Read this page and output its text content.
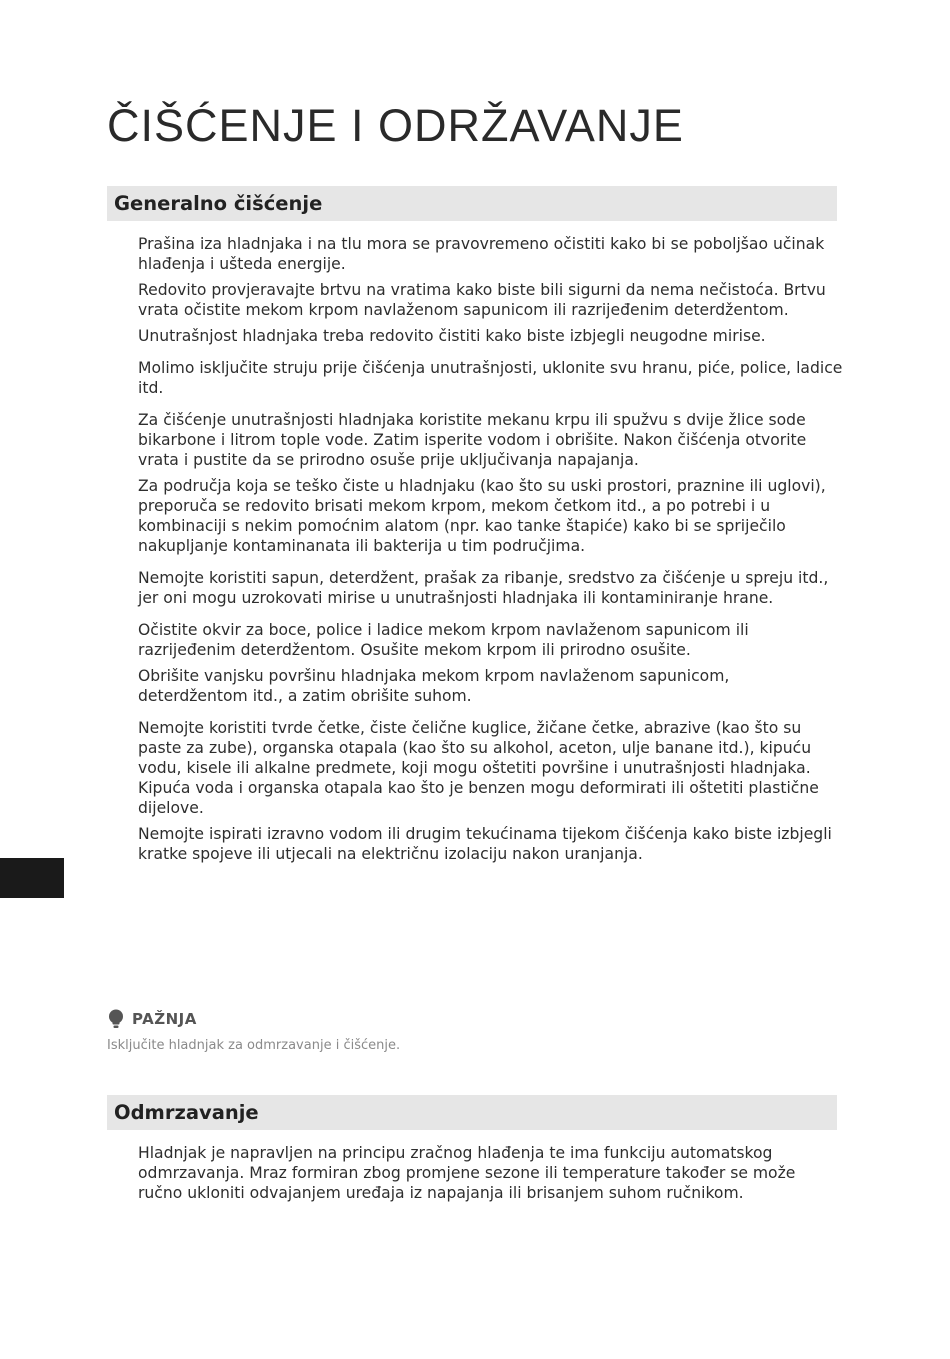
ČIŠĆENJE I ODRŽAVANJE
Generalno čišćenje

Prašina iza hladnjaka i na tlu mora se pravovremeno očistiti kako bi se poboljšao učinak hlađenja i ušteda energije.

Redovito provjeravajte brtvu na vratima kako biste bili sigurni da nema nečistoća. Brtvu vrata očistite mekom krpom navlaženom sapunicom ili razrijeđenim deterdžentom.

Unutrašnjost hladnjaka treba redovito čistiti kako biste izbjegli neugodne mirise.

Molimo isključite struju prije čišćenja unutrašnjosti, uklonite svu hranu, piće, police, ladice itd.

Za čišćenje unutrašnjosti hladnjaka koristite mekanu krpu ili spužvu s dvije žlice sode bikarbone i litrom tople vode. Zatim isperite vodom i obrišite. Nakon čišćenja otvorite vrata i pustite da se prirodno osuše prije uključivanja napajanja.

Za područja koja se teško čiste u hladnjaku (kao što su uski prostori, praznine ili uglovi), preporuča se redovito brisati mekom krpom, mekom četkom itd., a po potrebi i u kombinaciji s nekim pomoćnim alatom (npr. kao tanke štapiće) kako bi se spriječilo nakupljanje kontaminanata ili bakterija u tim područjima.

Nemojte koristiti sapun, deterdžent, prašak za ribanje, sredstvo za čišćenje u spreju itd., jer oni mogu uzrokovati mirise u unutrašnjosti hladnjaka ili kontaminiranje hrane.

Očistite okvir za boce, police i ladice mekom krpom navlaženom sapunicom ili razrijeđenim deterdžentom. Osušite mekom krpom ili prirodno osušite.

Obrišite vanjsku površinu hladnjaka mekom krpom navlaženom sapunicom, deterdžentom itd., a zatim obrišite suhom.

Nemojte koristiti tvrde četke, čiste čelične kuglice, žičane četke, abrazive (kao što su paste za zube), organska otapala (kao što su alkohol, aceton, ulje banane itd.), kipuću vodu, kisele ili alkalne predmete, koji mogu oštetiti površine i unutrašnjosti hladnjaka. Kipuća voda i organska otapala kao što je benzen mogu deformirati ili oštetiti plastične dijelove.

Nemojte ispirati izravno vodom ili drugim tekućinama tijekom čišćenja kako biste izbjegli kratke spojeve ili utjecali na električnu izolaciju nakon uranjanja.

PAŽNJA
Isključite hladnjak za odmrzavanje i čišćenje.
Odmrzavanje

Hladnjak je napravljen na principu zračnog hlađenja te ima funkciju automatskog odmrzavanja. Mraz formiran zbog promjene sezone ili temperature također se može ručno ukloniti odvajanjem uređaja iz napajanja ili brisanjem suhom ručnikom.
